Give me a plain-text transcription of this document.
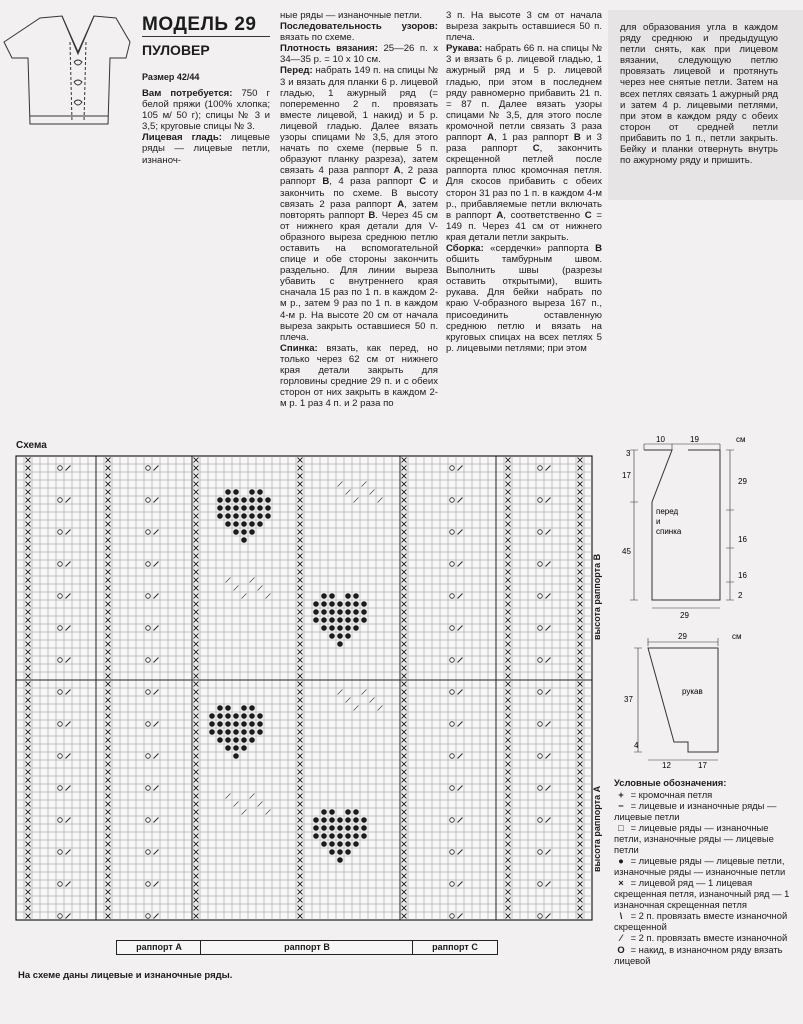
МОДЕЛЬ 29
ПУЛОВЕР
Размер 42/44

Вам потребуется: 750 г белой пряжи (100% хлопка; 105 м/ 50 г); спицы № 3 и 3,5; круговые спицы № 3.

Лицевая гладь: лицевые ряды — лицевые петли, изнаноч-

ные ряды — изнаночные петли.

Последовательность узоров: вязать по схеме.

Плотность вязания: 25—26 п. x 34—35 р. = 10 x 10 см.

Перед: набрать 149 п. на спицы № 3 и вязать для планки 6 р. лицевой гладью, 1 ажурный ряд (= попеременно 2 п. провязать вместе лицевой, 1 накид) и 5 р. лицевой гладью. Далее вязать узоры спицами № 3,5, для этого начать по схеме (первые 5 п. образуют планку разреза), затем связать 4 раза раппорт А, 2 раза раппорт В, 4 раза раппорт С и закончить по схеме. В высоту связать 2 раза раппорт А, затем повторять раппорт В. Через 45 см от нижнего края детали для V-образного выреза среднюю петлю оставить на вспомогательной спице и обе стороны закончить раздельно. Для линии выреза убавить с внутреннего края сначала 15 раз по 1 п. в каждом 2-м р., затем 9 раз по 1 п. в каждом 4-м р. На высоте 20 см от начала выреза закрыть оставшиеся 50 п. плеча.

Спинка: вязать, как перед, но только через 62 см от нижнего края детали закрыть для горловины средние 29 п. и с обеих сторон от них закрыть в каждом 2-м р. 1 раз 4 п. и 2 раза по

3 п. На высоте 3 см от начала выреза закрыть оставшиеся 50 п. плеча.

Рукава: набрать 66 п. на спицы № 3 и вязать 6 р. лицевой гладью, 1 ажурный ряд и 5 р. лицевой гладью, при этом в последнем ряду равномерно прибавить 21 п. = 87 п. Далее вязать узоры спицами № 3,5, для этого после кромочной петли связать 3 раза раппорт А, 1 раз раппорт В и 3 раза раппорт С, закончить скрещенной петлей после раппорта плюс кромочная петля. Для скосов прибавить с обеих сторон 31 раз по 1 п. в каждом 4-м р., прибавляемые петли включать в раппорт А, соответственно С = 149 п. Через 41 см от нижнего края детали петли закрыть.

Сборка: «сердечки» раппорта В обшить тамбурным швом. Выполнить швы (разрезы оставить открытыми), вшить рукава. Для бейки набрать по краю V-образного выреза 167 п., присоединить оставленную среднюю петлю и вязать на круговых спицах на всех петлях 5 р. лицевыми петлями; при этом

для образования угла в каждом ряду среднюю и предыдущую петли снять, как при лицевом вязании, следующую петлю провязать лицевой и протянуть через нее снятые петли. Затем на всех петлях связать 1 ажурный ряд и затем 4 р. лицевыми петлями, при этом в каждом ряду с обеих сторон от средней петли прибавить по 1 п., петли закрыть. Бейку и планки отвернуть внутрь по ажурному ряду и пришить.

Схема
раппорт А	раппорт В	раппорт С
высота раппорта В
высота раппорта А
На схеме даны лицевые и изнаночные ряды.
10	19	см
3
17
45
29
16
16
2
29
перед
и
спинка
29	см
37
рукав
4
12	17

Условные обозначения:

+ = кромочная петля

− = лицевые и изнаночные ряды — лицевые петли

□ = лицевые ряды — изнаночные петли, изнаночные ряды — лицевые петли

● = лицевые ряды — лицевые петли, изнаночные ряды — изнаночные петли

× = лицевой ряд — 1 лицевая скрещенная петля, изнаночный ряд — 1 изнаночная скрещенная петля

\ = 2 п. провязать вместе изнаночной скрещенной

⁄ = 2 п. провязать вместе изнаночной

O = накид, в изнаночном ряду вязать лицевой
